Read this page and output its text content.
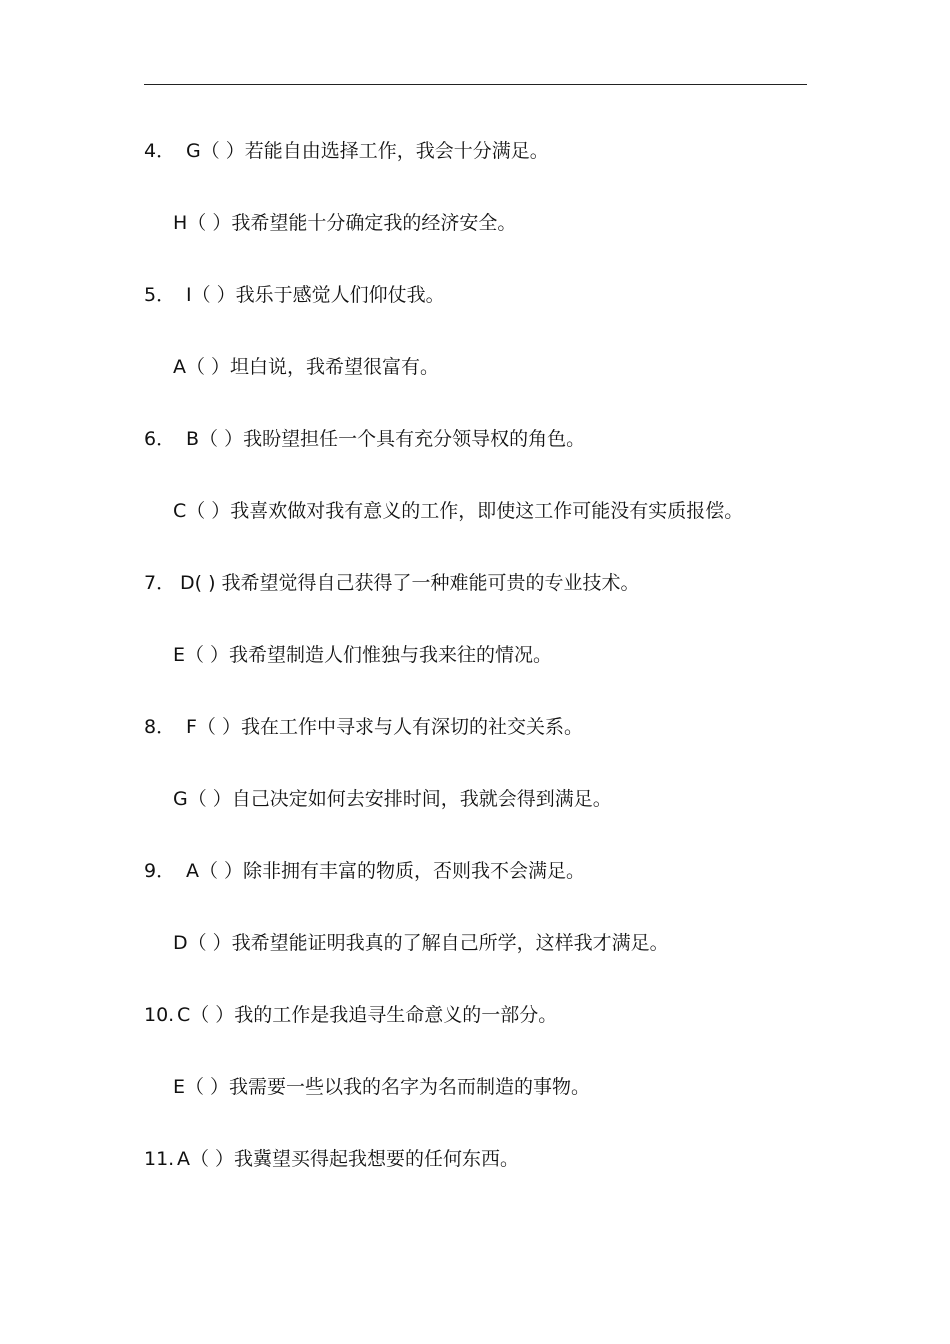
4． G（ ）若能自由选择工作，我会十分满足。
H（ ）我希望能十分确定我的经济安全。
5． I（ ）我乐于感觉人们仰仗我。
A（ ）坦白说，我希望很富有。
6． B（ ）我盼望担任一个具有充分领导权的角色。
C（ ）我喜欢做对我有意义的工作，即使这工作可能没有实质报偿。
7． D( ) 我希望觉得自己获得了一种难能可贵的专业技术。
E（ ）我希望制造人们惟独与我来往的情况。
8． F（ ）我在工作中寻求与人有深切的社交关系。
G（ ）自己决定如何去安排时间，我就会得到满足。
9． A（ ）除非拥有丰富的物质，否则我不会满足。
D（ ）我希望能证明我真的了解自己所学，这样我才满足。
10. C（ ）我的工作是我追寻生命意义的一部分。
E（ ）我需要一些以我的名字为名而制造的事物。
11. A（ ）我冀望买得起我想要的任何东西。
